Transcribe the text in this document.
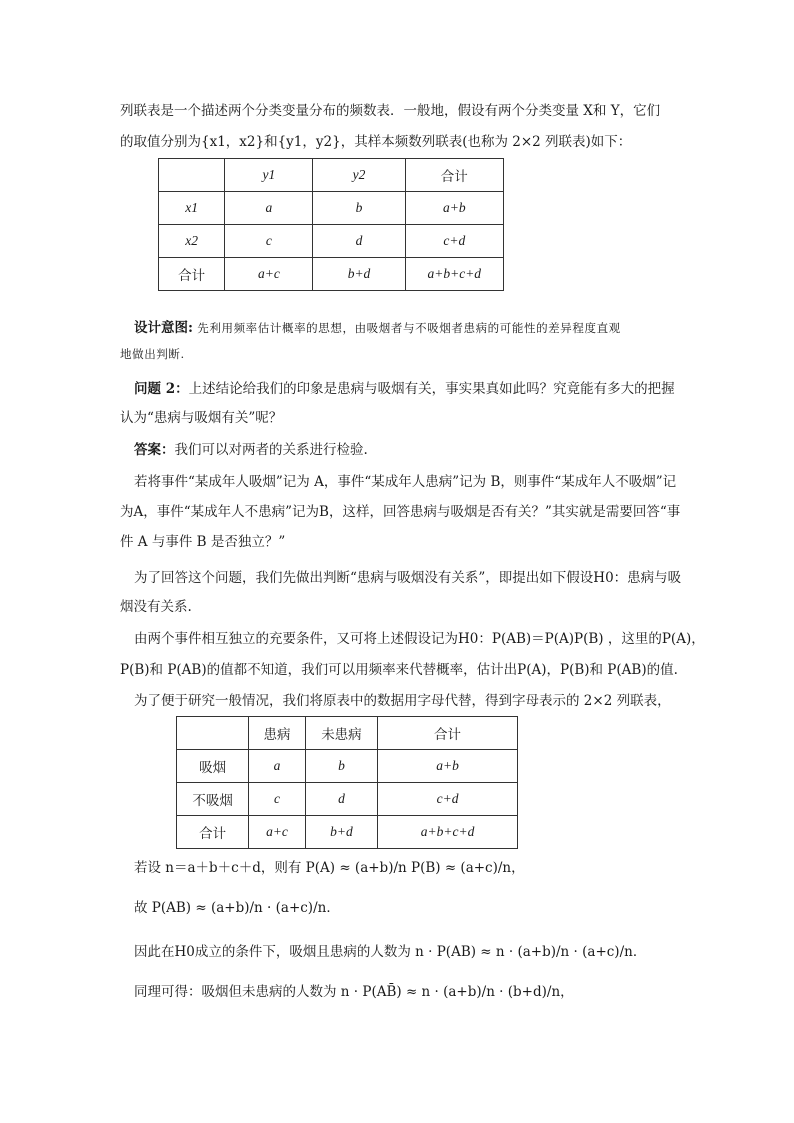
列联表是一个描述两个分类变量分布的频数表．一般地，假设有两个分类变量 X和 Y，它们
的取值分别为{x1，x2}和{y1，y2}，其样本频数列联表(也称为 2×2 列联表)如下：
	y1	y2	合计
x1	a	b	a+b
x2	c	d	c+d
合计	a+c	b+d	a+b+c+d
设计意图: 先利用频率估计概率的思想，由吸烟者与不吸烟者患病的可能性的差异程度直观
地做出判断.
问题 2：上述结论给我们的印象是患病与吸烟有关，事实果真如此吗？究竟能有多大的把握
认为“患病与吸烟有关”呢？
答案：我们可以对两者的关系进行检验.
若将事件“某成年人吸烟”记为 A，事件“某成年人患病”记为 B，则事件“某成年人不吸烟”记
为A，事件“某成年人不患病”记为B，这样，回答患病与吸烟是否有关？”其实就是需要回答“事
件 A 与事件 B 是否独立？”
为了回答这个问题，我们先做出判断“患病与吸烟没有关系”，即提出如下假设H0：患病与吸
烟没有关系.
由两个事件相互独立的充要条件，又可将上述假设记为H0：P(AB)＝P(A)P(B) ，这里的P(A)，
P(B)和 P(AB)的值都不知道，我们可以用频率来代替概率，估计出P(A)，P(B)和 P(AB)的值.
为了便于研究一般情况，我们将原表中的数据用字母代替，得到字母表示的 2×2 列联表，
	患病	未患病	合计
吸烟	a	b	a+b
不吸烟	c	d	c+d
合计	a+c	b+d	a+b+c+d
若设 n＝a＋b＋c＋d，则有 P(A) ≈ (a+b)/n P(B) ≈ (a+c)/n，
故 P(AB) ≈ (a+b)/n · (a+c)/n．
因此在H0成立的条件下，吸烟且患病的人数为 n · P(AB) ≈ n · (a+b)/n · (a+c)/n．
同理可得：吸烟但未患病的人数为 n · P(AB̄) ≈ n · (a+b)/n · (b+d)/n，
